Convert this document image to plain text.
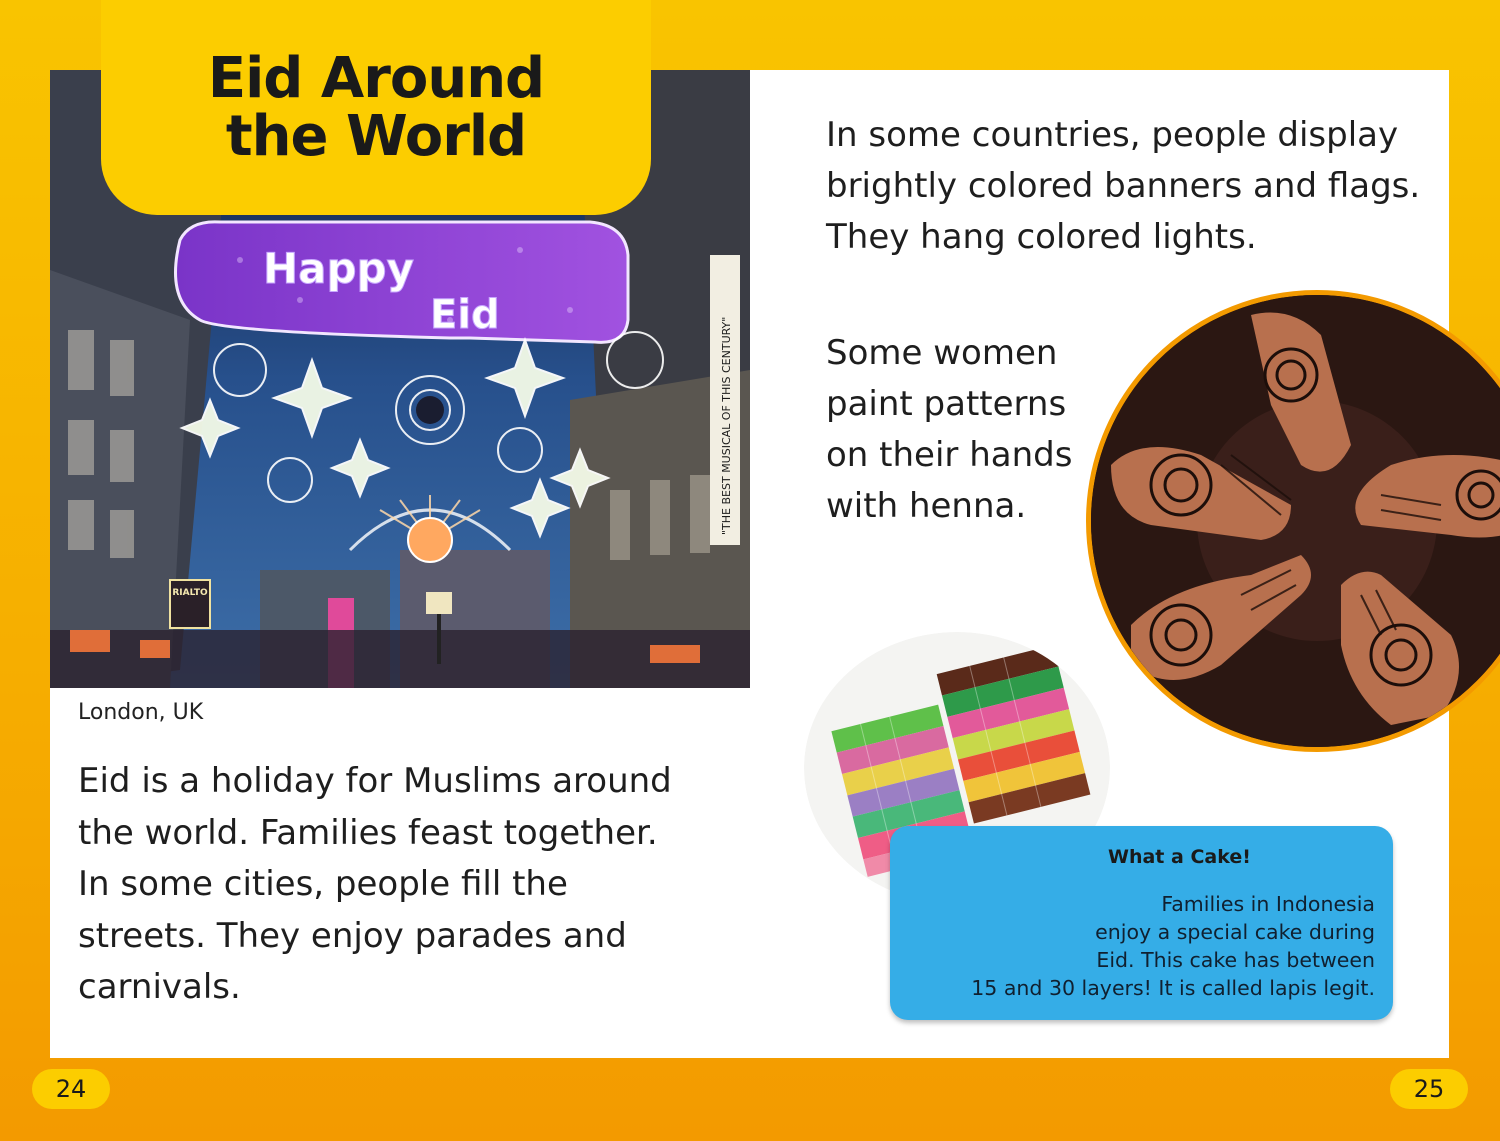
RIALTO
"THE BEST MUSICAL OF THIS CENTURY"
Happy
Eid
Eid Around
the World
London, UK

Eid is a holiday for Muslims around the world. Families feast together. In some cities, people fill the streets. They enjoy parades and carnivals.

In some countries, people display brightly colored banners and flags. They hang colored lights.

Some women paint patterns on their hands with henna.

What a Cake!

Families in Indonesia
enjoy a special cake during
Eid. This cake has between
15 and 30 layers! It is called lapis legit.

24	25
